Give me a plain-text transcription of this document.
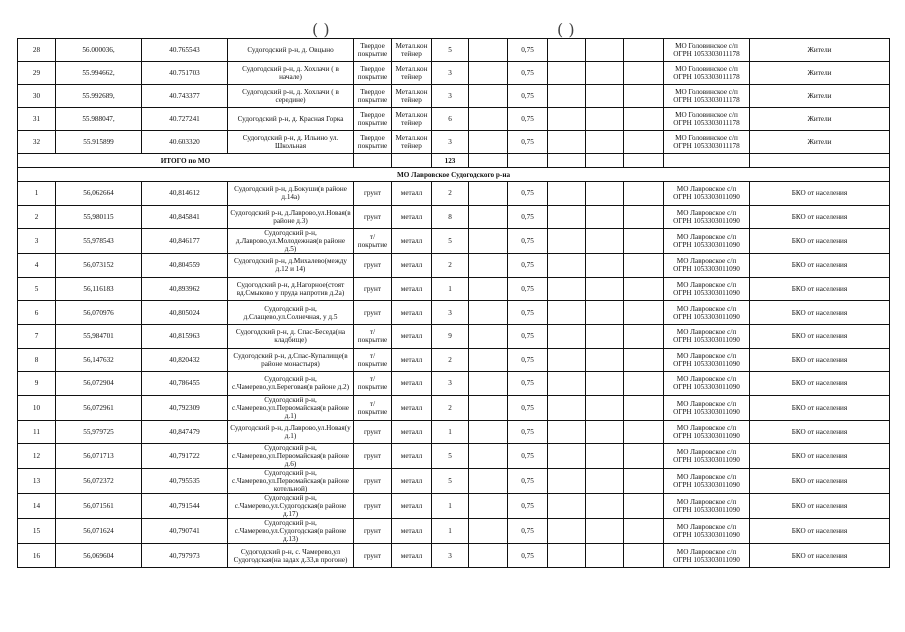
( )	( )
28	56.000036,	40.765543	Судогодский р-н, д. Овцыно	Твердое покрытие	Метал.контейнер	5		0,75				МО Головинское с/п
ОГРН 1053303011178	Жители
29	55.994662,	40.751703	Судогодский р-н, д. Хохлачи ( в начале)	Твердое покрытие	Метал.контейнер	3		0,75				МО Головинское с/п
ОГРН 1053303011178	Жители
30	55.992689,	40.743377	Судогодский р-н, д. Хохлачи ( в середине)	Твердое покрытие	Метал.контейнер	3		0,75				МО Головинское с/п
ОГРН 1053303011178	Жители
31	55.988047,	40.727241	Судогодский р-н, д. Красная Горка	Твердое покрытие	Метал.контейнер	6		0,75				МО Головинское с/п
ОГРН 1053303011178	Жители
32	55.915899	40.603320	Судогодский р-н, д. Ильино ул. Школьная	Твердое покрытие	Метал.контейнер	3		0,75				МО Головинское с/п
ОГРН 1053303011178	Жители
ИТОГО по МО						123							
МО Лавровское Судогодского р-на													
1	56,062664	40,814612	Судогодский р-н, д.Бокуши(в районе д.14а)	грунт	металл	2		0,75				МО Лавровское с/п
ОГРН 1053303011090	БКО от населения
2	55,980115	40,845841	Судогодский р-н, д.Лаврово,ул.Новая(в районе д.3)	грунт	металл	8		0,75				МО Лавровское с/п
ОГРН 1053303011090	БКО от населения
3	55,978543	40,846177	Судогодский р-н, д.Лаврово,ул.Молодежная(в районе д.5)	т/покрытие	металл	5		0,75				МО Лавровское с/п
ОГРН 1053303011090	БКО от населения
4	56,073152	40,804559	Судогодский р-н, д.Михалево(между д.12 и 14)	грунт	металл	2		0,75				МО Лавровское с/п
ОГРН 1053303011090	БКО от населения
5	56,116183	40,893962	Судогодский р-н, д.Нагорное(стоят вд.Смыково у пруда напротив д.2а)	грунт	металл	1		0,75				МО Лавровское с/п
ОГРН 1053303011090	БКО от населения
6	56,070976	40,805024	Судогодский р-н, д.Слащево,ул.Солнечная, у д.5	грунт	металл	3		0,75				МО Лавровское с/п
ОГРН 1053303011090	БКО от населения
7	55,984701	40,815963	Судогодский р-н, д. Спас-Беседа(на кладбище)	т/покрытие	металл	9		0,75				МО Лавровское с/п
ОГРН 1053303011090	БКО от населения
8	56,147632	40,820432	Судогодский р-н, д.Спас-Купалище(в районе монастыря)	т/покрытие	металл	2		0,75				МО Лавровское с/п
ОГРН 1053303011090	БКО от населения
9	56,072904	40,786455	Судогодский р-н, с.Чамерево,ул.Береговая(в районе д.2)	т/покрытие	металл	3		0,75				МО Лавровское с/п
ОГРН 1053303011090	БКО от населения
10	56,072961	40,792309	Судогодский р-н, с.Чамерево,ул.Первомайская(в районе д.1)	т/покрытие	металл	2		0,75				МО Лавровское с/п
ОГРН 1053303011090	БКО от населения
11	55,979725	40,847479	Судогодский р-н, д.Лаврово,ул.Новая(у д.1)	грунт	металл	1		0,75				МО Лавровское с/п
ОГРН 1053303011090	БКО от населения
12	56,071713	40,791722	Судогодский р-н, с.Чамерево,ул.Первомайская(в районе д.6)	грунт	металл	5		0,75				МО Лавровское с/п
ОГРН 1053303011090	БКО от населения
13	56,072372	40,795535	Судогодский р-н, с.Чамерево,ул.Первомайская(в районе котельной)	грунт	металл	5		0,75				МО Лавровское с/п
ОГРН 1053303011090	БКО от населения
14	56,071561	40,791544	Судогодский р-н, с.Чамерево,ул.Судогодская(в районе д.17)	грунт	металл	1		0,75				МО Лавровское с/п
ОГРН 1053303011090	БКО от населения
15	56,071624	40,790741	Судогодский р-н, с.Чамерево,ул.Судогодская(в районе д.13)	грунт	металл	1		0,75				МО Лавровское с/п
ОГРН 1053303011090	БКО от населения
16	56,069604	40,797973	Судогодский р-н, с. Чамерево,ул Судогодская(на задах д.33,в прогоне)	грунт	металл	3		0,75				МО Лавровское с/п
ОГРН 1053303011090	БКО от населения
